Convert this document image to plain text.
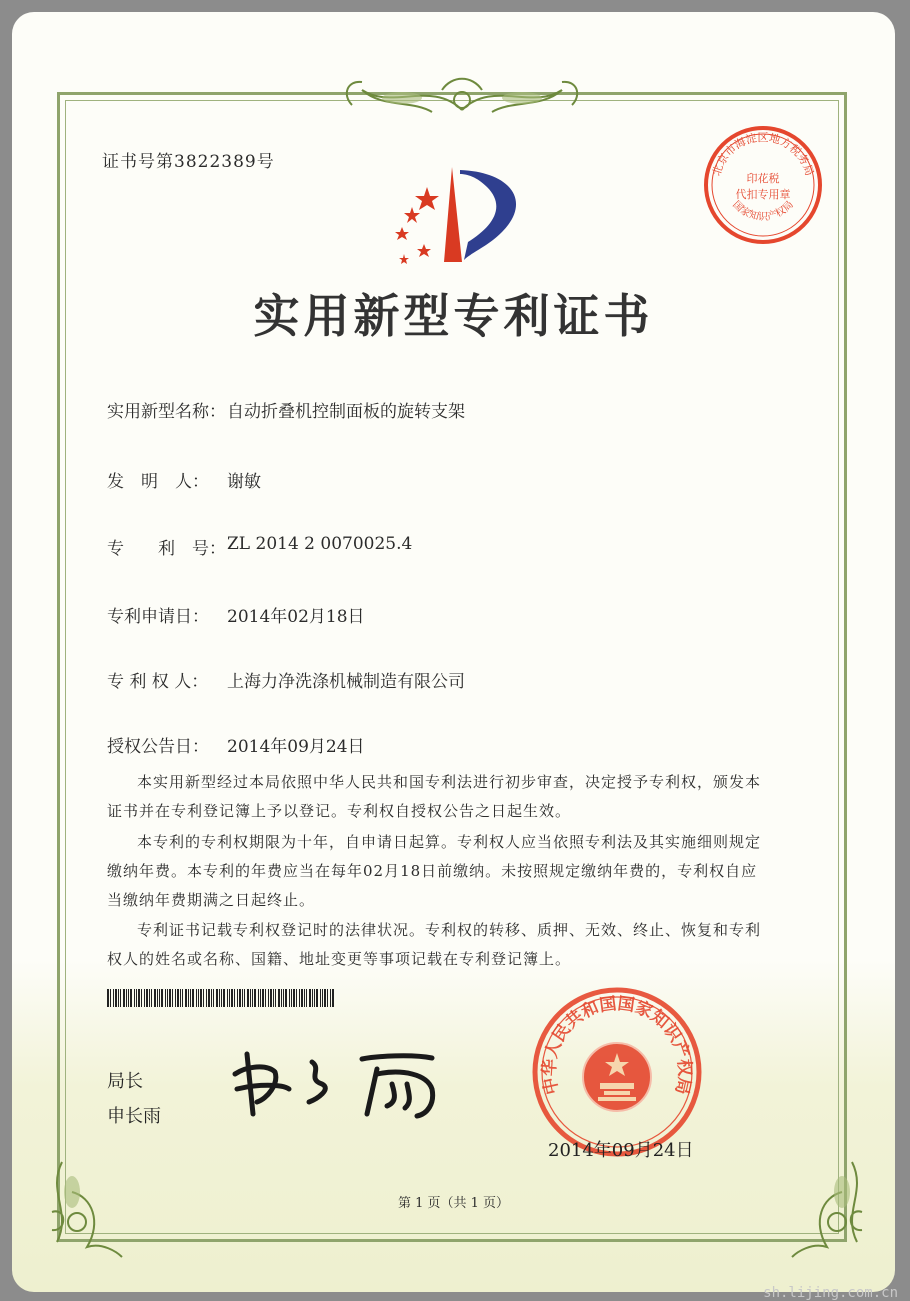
证书号第3822389号	北京市海淀区地方税务局
国家知识产权局
印花税
代扣专用章
实用新型专利证书
实用新型名称： 自动折叠机控制面板的旋转支架
发　明　人：	谢敏
专　　利　号： ZL 2014 2 0070025.4
专利申请日：	2014年02月18日
专 利 权 人：	上海力净洗涤机械制造有限公司
授权公告日：	2014年09月24日
本实用新型经过本局依照中华人民共和国专利法进行初步审查，决定授予专利权，颁发本证书并在专利登记簿上予以登记。专利权自授权公告之日起生效。
本专利的专利权期限为十年，自申请日起算。专利权人应当依照专利法及其实施细则规定缴纳年费。本专利的年费应当在每年02月18日前缴纳。未按照规定缴纳年费的，专利权自应当缴纳年费期满之日起终止。
专利证书记载专利权登记时的法律状况。专利权的转移、质押、无效、终止、恢复和专利权人的姓名或名称、国籍、地址变更等事项记载在专利登记簿上。
局长
申长雨
中华人民共和国国家知识产权局
2014年09月24日
第 1 页（共 1 页）
sh.lijing.com.cn
